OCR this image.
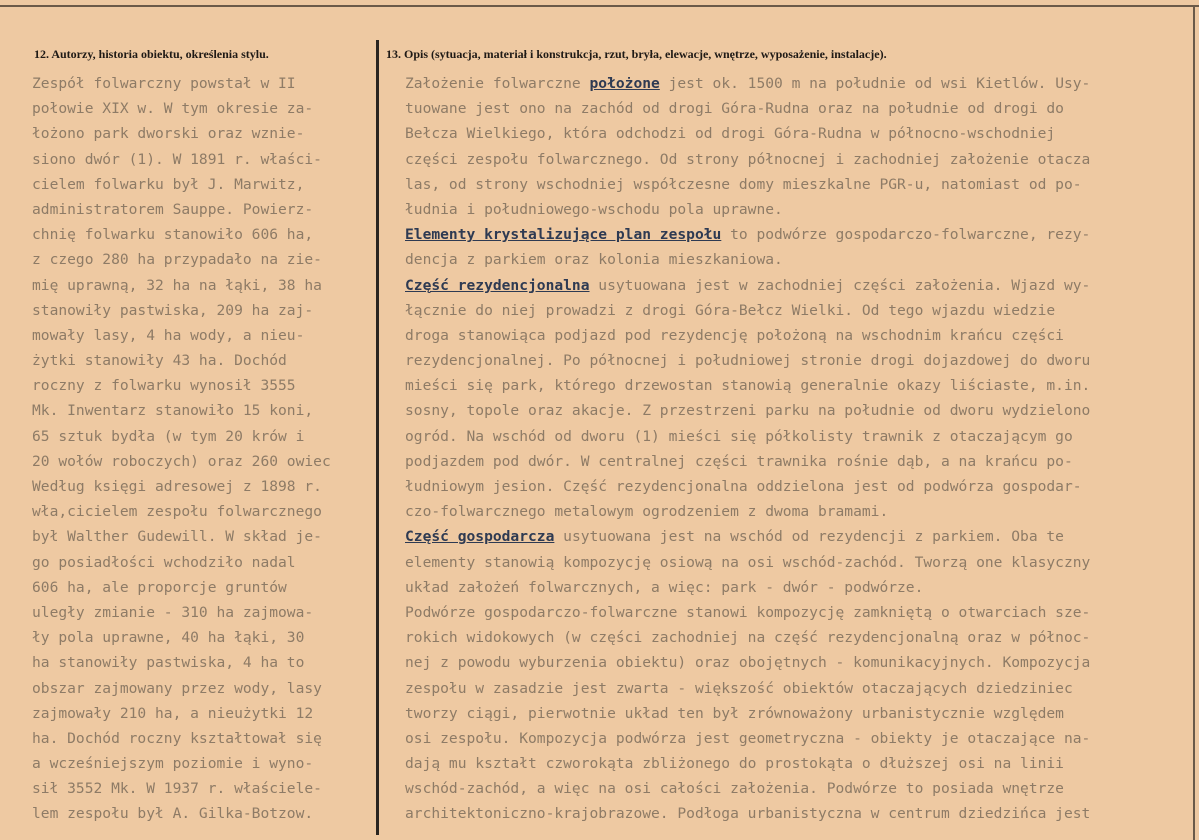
12. Autorzy, historia obiektu, określenia stylu.	13. Opis (sytuacja, materiał i konstrukcja, rzut, bryła, elewacje, wnętrze, wyposażenie, instalacje).
Zespół folwarczny powstał w II
połowie XIX w. W tym okresie za-
łożono park dworski oraz wznie-
siono dwór (1). W 1891 r. właści-
cielem folwarku był J. Marwitz,
administratorem Sauppe. Powierz-
chnię folwarku stanowiło 606 ha,
z czego 280 ha przypadało na zie-
mię uprawną, 32 ha na łąki, 38 ha
stanowiły pastwiska, 209 ha zaj-
mowały lasy, 4 ha wody, a nieu-
żytki stanowiły 43 ha. Dochód
roczny z folwarku wynosił 3555
Mk. Inwentarz stanowiło 15 koni,
65 sztuk bydła (w tym 20 krów i
20 wołów roboczych) oraz 260 owiec
Według księgi adresowej z 1898 r.
wła,cicielem zespołu folwarcznego
był Walther Gudewill. W skład je-
go posiadłości wchodziło nadal
606 ha, ale proporcje gruntów
uległy zmianie - 310 ha zajmowa-
ły pola uprawne, 40 ha łąki, 30
ha stanowiły pastwiska, 4 ha to
obszar zajmowany przez wody, lasy
zajmowały 210 ha, a nieużytki 12
ha. Dochód roczny kształtował się
a wcześniejszym poziomie i wyno-
sił 3552 Mk. W 1937 r. właściele-
lem zespołu był A. Gilka-Botzow.
Założenie folwarczne położone jest ok. 1500 m na południe od wsi Kietlów. Usy-
tuowane jest ono na zachód od drogi Góra-Rudna oraz na południe od drogi do
Bełcza Wielkiego, która odchodzi od drogi Góra-Rudna w północno-wschodniej
części zespołu folwarcznego. Od strony północnej i zachodniej założenie otacza
las, od strony wschodniej współczesne domy mieszkalne PGR-u, natomiast od po-
łudnia i południowego-wschodu pola uprawne.
Elementy krystalizujące plan zespołu to podwórze gospodarczo-folwarczne, rezy-
dencja z parkiem oraz kolonia mieszkaniowa.
Część rezydencjonalna usytuowana jest w zachodniej części założenia. Wjazd wy-
łącznie do niej prowadzi z drogi Góra-Bełcz Wielki. Od tego wjazdu wiedzie
droga stanowiąca podjazd pod rezydencję położoną na wschodnim krańcu części
rezydencjonalnej. Po północnej i południowej stronie drogi dojazdowej do dworu
mieści się park, którego drzewostan stanowią generalnie okazy liściaste, m.in.
sosny, topole oraz akacje. Z przestrzeni parku na południe od dworu wydzielono
ogród. Na wschód od dworu (1) mieści się półkolisty trawnik z otaczającym go
podjazdem pod dwór. W centralnej części trawnika rośnie dąb, a na krańcu po-
łudniowym jesion. Część rezydencjonalna oddzielona jest od podwórza gospodar-
czo-folwarcznego metalowym ogrodzeniem z dwoma bramami.
Część gospodarcza usytuowana jest na wschód od rezydencji z parkiem. Oba te
elementy stanowią kompozycję osiową na osi wschód-zachód. Tworzą one klasyczny
układ założeń folwarcznych, a więc: park - dwór - podwórze.
Podwórze gospodarczo-folwarczne stanowi kompozycję zamkniętą o otwarciach sze-
rokich widokowych (w części zachodniej na część rezydencjonalną oraz w północ-
nej z powodu wyburzenia obiektu) oraz obojętnych - komunikacyjnych. Kompozycja
zespołu w zasadzie jest zwarta - większość obiektów otaczających dziedziniec
tworzy ciągi, pierwotnie układ ten był zrównoważony urbanistycznie względem
osi zespołu. Kompozycja podwórza jest geometryczna - obiekty je otaczające na-
dają mu kształt czworokąta zbliżonego do prostokąta o dłuższej osi na linii
wschód-zachód, a więc na osi całości założenia. Podwórze to posiada wnętrze
architektoniczno-krajobrazowe. Podłoga urbanistyczna w centrum dziedzińca jest
